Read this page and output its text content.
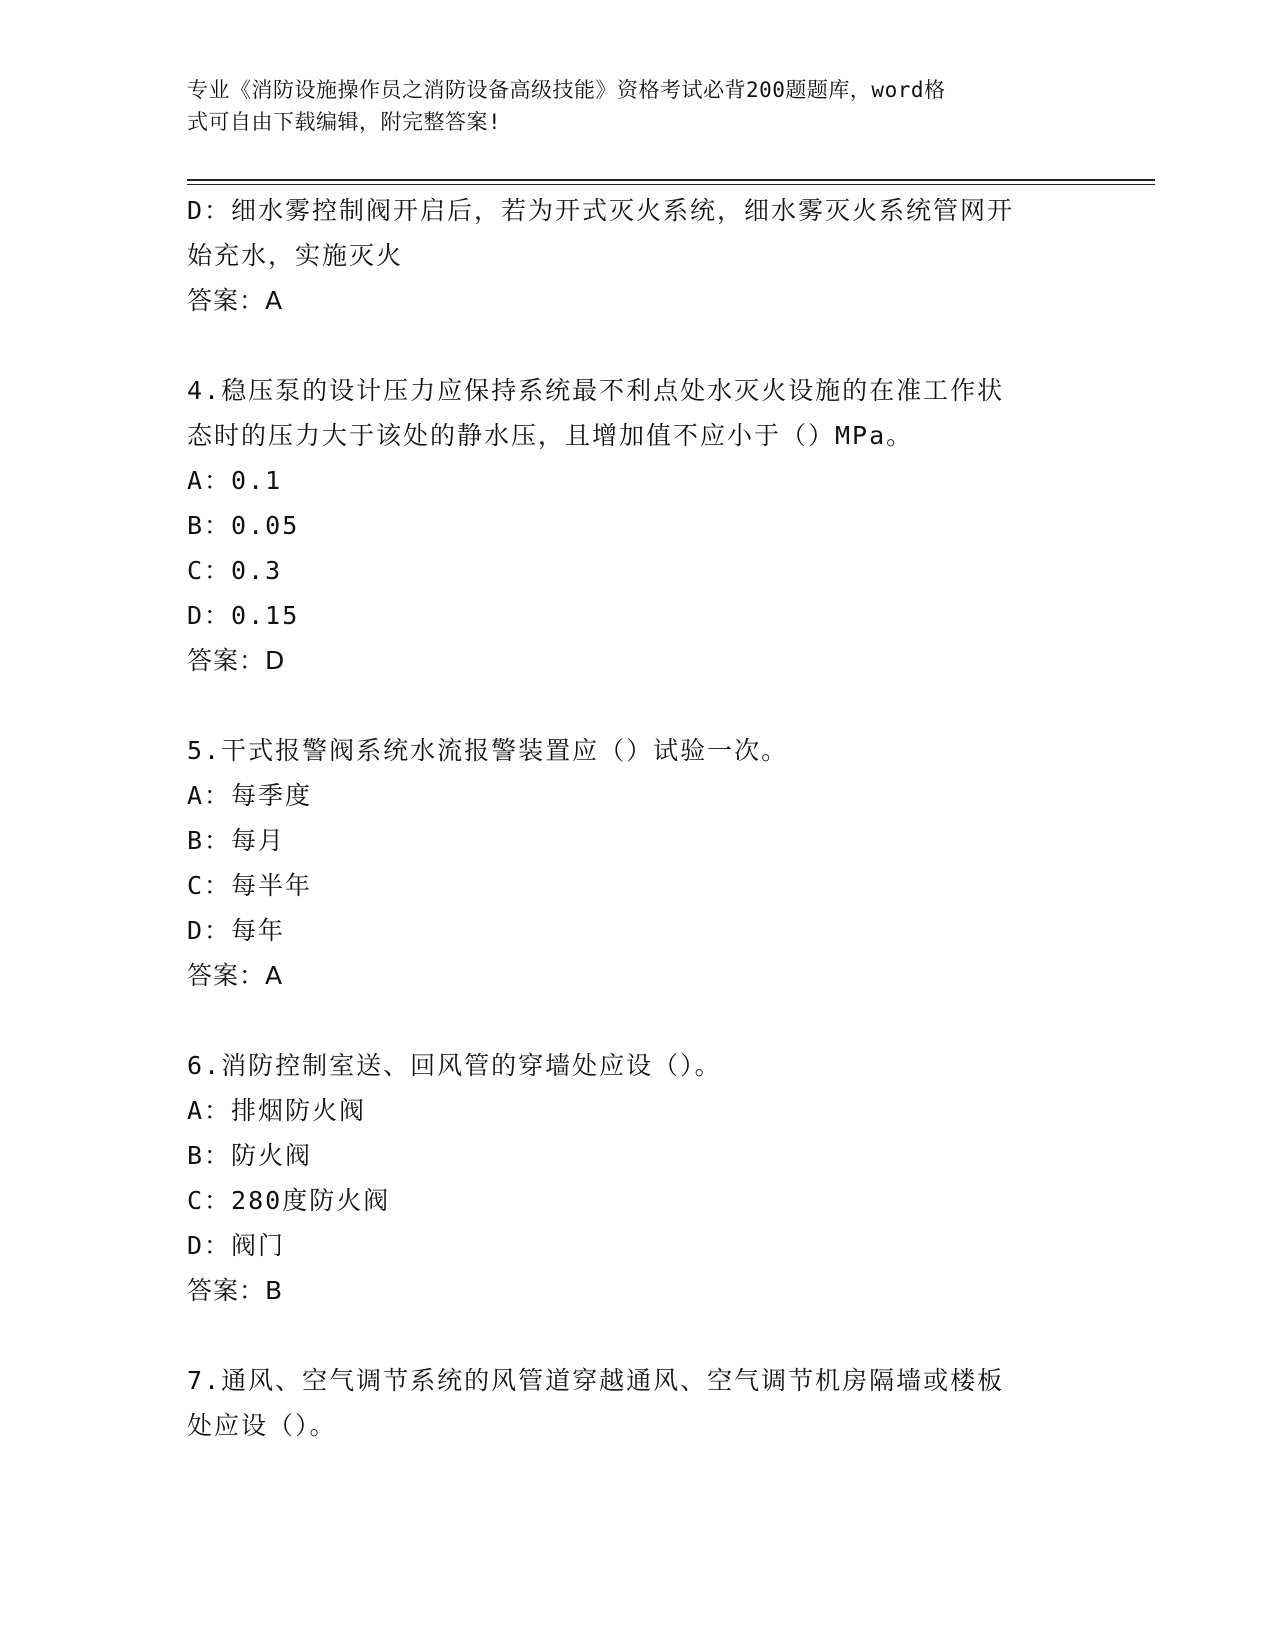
专业《消防设施操作员之消防设备高级技能》资格考试必背200题题库，word格
式可自由下载编辑，附完整答案!
D：细水雾控制阀开启后，若为开式灭火系统，细水雾灭火系统管网开
始充水，实施灭火
答案：A
4.稳压泵的设计压力应保持系统最不利点处水灭火设施的在准工作状
态时的压力大于该处的静水压，且增加值不应小于（）MPa。
A：0.1
B：0.05
C：0.3
D：0.15
答案：D
5.干式报警阀系统水流报警装置应（）试验一次。
A：每季度
B：每月
C：每半年
D：每年
答案：A
6.消防控制室送、回风管的穿墙处应设（）。
A：排烟防火阀
B：防火阀
C：280度防火阀
D：阀门
答案：B
7.通风、空气调节系统的风管道穿越通风、空气调节机房隔墙或楼板
处应设（）。
